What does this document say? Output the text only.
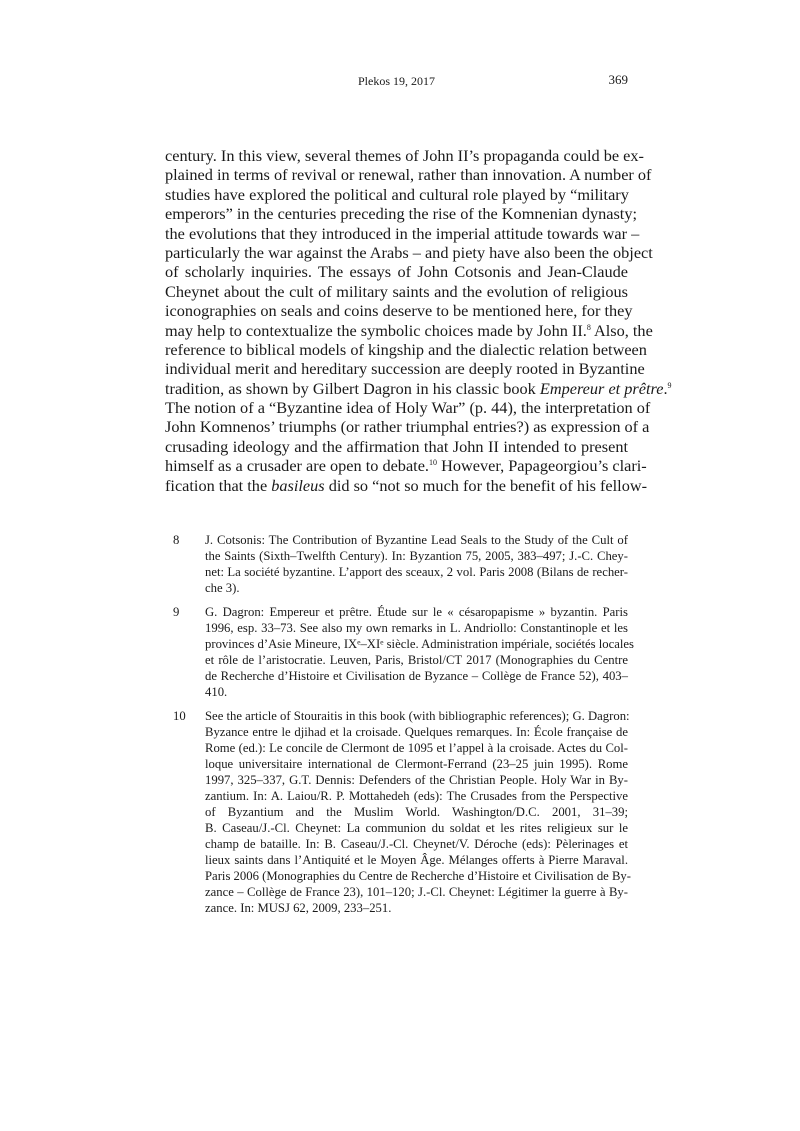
Plekos 19, 2017	369
century. In this view, several themes of John II’s propaganda could be ex-
plained in terms of revival or renewal, rather than innovation. A number of
studies have explored the political and cultural role played by “military
emperors” in the centuries preceding the rise of the Komnenian dynasty;
the evolutions that they introduced in the imperial attitude towards war –
particularly the war against the Arabs – and piety have also been the object
of scholarly inquiries. The essays of John Cotsonis and Jean-Claude
Cheynet about the cult of military saints and the evolution of religious
iconographies on seals and coins deserve to be mentioned here, for they
may help to contextualize the symbolic choices made by John II.$^8$ Also, the
reference to biblical models of kingship and the dialectic relation between
individual merit and hereditary succession are deeply rooted in Byzantine
tradition, as shown by Gilbert Dagron in his classic book Empereur et prêtre.$^9$
The notion of a “Byzantine idea of Holy War” (p. 44), the interpretation of
John Komnenos’ triumphs (or rather triumphal entries?) as expression of a
crusading ideology and the affirmation that John II intended to present
himself as a crusader are open to debate.$^{10}$ However, Papageorgiou’s clari-
fication that the basileus did so “not so much for the benefit of his fellow-
8 J. Cotsonis: The Contribution of Byzantine Lead Seals to the Study of the Cult of
the Saints (Sixth–Twelfth Century). In: Byzantion 75, 2005, 383–497; J.-C. Chey-
net: La société byzantine. L’apport des sceaux, 2 vol. Paris 2008 (Bilans de recher-
che 3).
9 G. Dagron: Empereur et prêtre. Étude sur le « césaropapisme » byzantin. Paris
1996, esp. 33–73. See also my own remarks in L. Andriollo: Constantinople et les
provinces d’Asie Mineure, IXᵉ–XIᵉ siècle. Administration impériale, sociétés locales
et rôle de l’aristocratie. Leuven, Paris, Bristol/CT 2017 (Monographies du Centre
de Recherche d’Histoire et Civilisation de Byzance – Collège de France 52), 403–
410.
10 See the article of Stouraitis in this book (with bibliographic references); G. Dagron:
Byzance entre le djihad et la croisade. Quelques remarques. In: École française de
Rome (ed.): Le concile de Clermont de 1095 et l’appel à la croisade. Actes du Col-
loque universitaire international de Clermont-Ferrand (23–25 juin 1995). Rome
1997, 325–337, G.T. Dennis: Defenders of the Christian People. Holy War in By-
zantium. In: A. Laiou/R. P. Mottahedeh (eds): The Crusades from the Perspective
of Byzantium and the Muslim World. Washington/D.C. 2001, 31–39;
B. Caseau/J.-Cl. Cheynet: La communion du soldat et les rites religieux sur le
champ de bataille. In: B. Caseau/J.-Cl. Cheynet/V. Déroche (eds): Pèlerinages et
lieux saints dans l’Antiquité et le Moyen Âge. Mélanges offerts à Pierre Maraval.
Paris 2006 (Monographies du Centre de Recherche d’Histoire et Civilisation de By-
zance – Collège de France 23), 101–120; J.-Cl. Cheynet: Légitimer la guerre à By-
zance. In: MUSJ 62, 2009, 233–251.
